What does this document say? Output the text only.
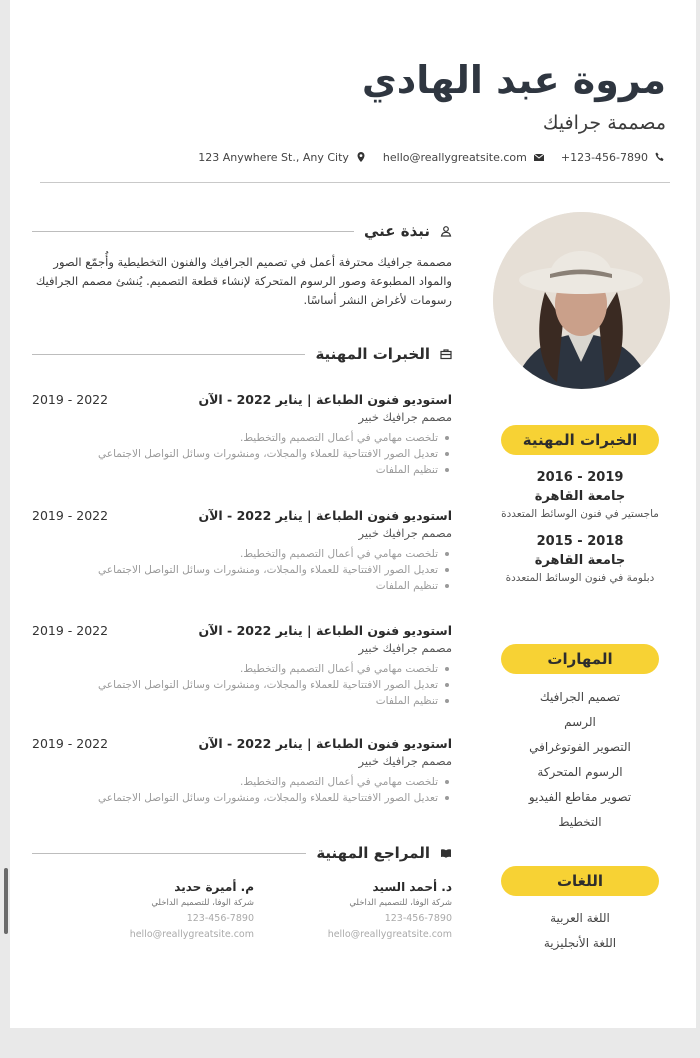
مروة عبد الهادي
مصممة جرافيك
123 Anywhere St., Any City	hello@reallygreatsite.com	+123-456-7890
نبذة عني
مصممة جرافيك محترفة أعمل في تصميم الجرافيك والفنون التخطيطية وأُجمّع الصور والمواد المطبوعة وصور الرسوم المتحركة لإنشاء قطعة التصميم. يُنشئ مصمم الجرافيك رسومات لأغراض النشر أساسًا.
الخبرات المهنية
2019 - 2022	استوديو فنون الطباعة | يناير 2022 - الآن
مصمم جرافيك خبير
تلخصت مهامي في أعمال التصميم والتخطيط.
تعديل الصور الافتتاحية للعملاء والمجلات، ومنشورات وسائل التواصل الاجتماعي
تنظيم الملفات
2019 - 2022	استوديو فنون الطباعة | يناير 2022 - الآن
مصمم جرافيك خبير
تلخصت مهامي في أعمال التصميم والتخطيط.
تعديل الصور الافتتاحية للعملاء والمجلات، ومنشورات وسائل التواصل الاجتماعي
تنظيم الملفات
2019 - 2022	استوديو فنون الطباعة | يناير 2022 - الآن
مصمم جرافيك خبير
تلخصت مهامي في أعمال التصميم والتخطيط.
تعديل الصور الافتتاحية للعملاء والمجلات، ومنشورات وسائل التواصل الاجتماعي
تنظيم الملفات
2019 - 2022	استوديو فنون الطباعة | يناير 2022 - الآن
مصمم جرافيك خبير
تلخصت مهامي في أعمال التصميم والتخطيط.
تعديل الصور الافتتاحية للعملاء والمجلات، ومنشورات وسائل التواصل الاجتماعي
المراجع المهنية
د. أحمد السيد
شركة الوفا، للتصميم الداخلي
123-456-7890
hello@reallygreatsite.com
م. أميرة حديد
شركة الوفا، للتصميم الداخلي
123-456-7890
hello@reallygreatsite.com
الخبرات المهنية
2016 - 2019
جامعة القاهرة
ماجستير في فنون الوسائط المتعددة
2015 - 2018
جامعة القاهرة
دبلومة في فنون الوسائط المتعددة
المهارات
تصميم الجرافيك
الرسم
التصوير الفوتوغرافي
الرسوم المتحركة
تصوير مقاطع الفيديو
التخطيط
اللغات
اللغة العربية
اللغة الأنجليزية
